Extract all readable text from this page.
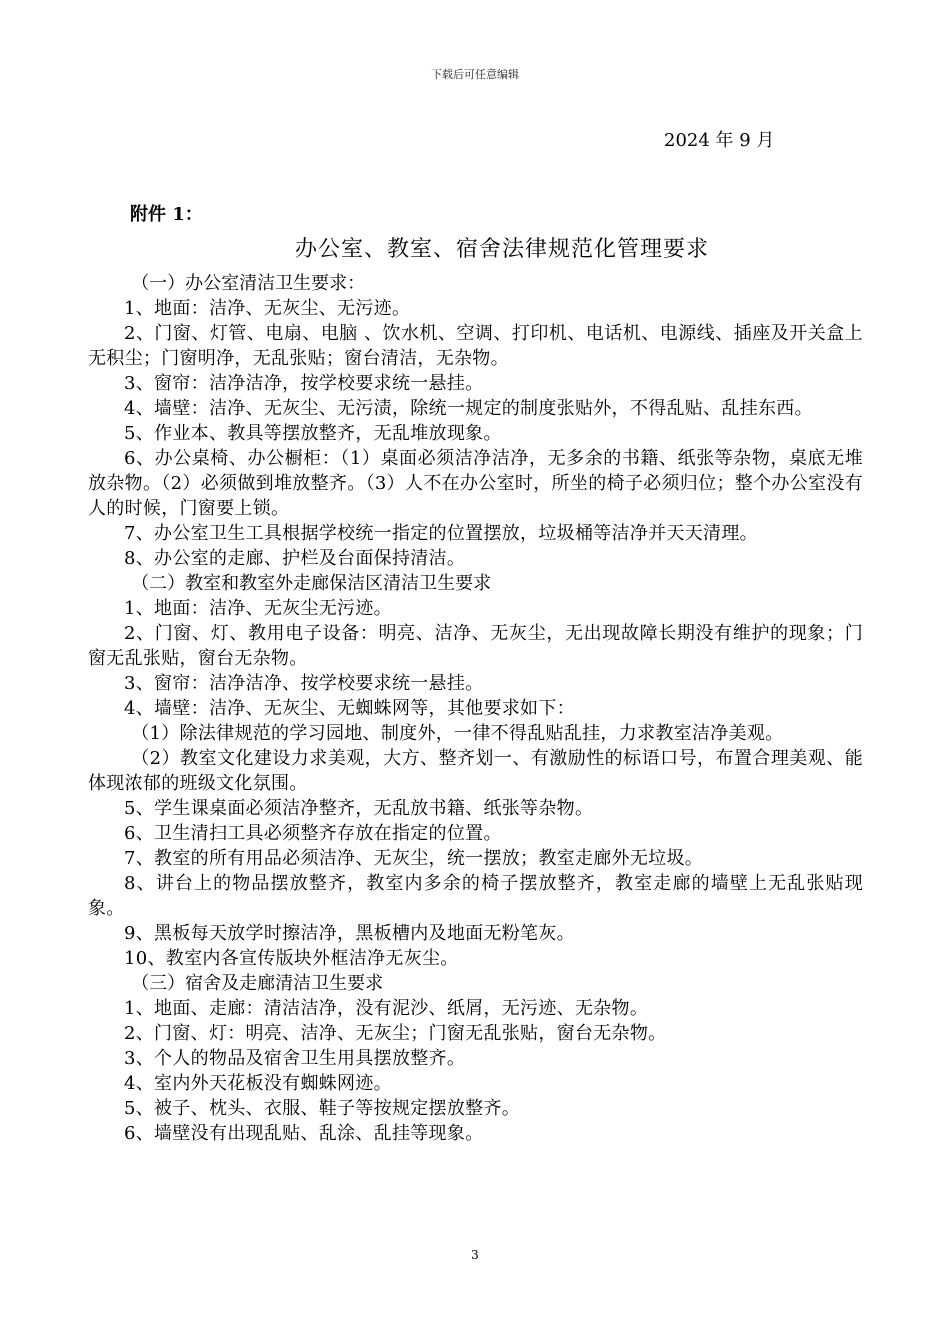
下载后可任意编辑
2024 年 9 月
附件 1：
办公室、教室、宿舍法律规范化管理要求

（一）办公室清洁卫生要求：

1、地面：洁净、无灰尘、无污迹。

2、门窗、灯管、电扇、电脑 、饮水机、空调、打印机、电话机、电源线、插座及开关盒上无积尘；门窗明净，无乱张贴；窗台清洁，无杂物。

3、窗帘：洁净洁净，按学校要求统一悬挂。

4、墙壁：洁净、无灰尘、无污渍，除统一规定的制度张贴外，不得乱贴、乱挂东西。

5、作业本、教具等摆放整齐，无乱堆放现象。

6、办公桌椅、办公橱柜：（1）桌面必须洁净洁净，无多余的书籍、纸张等杂物，桌底无堆放杂物。（2）必须做到堆放整齐。（3）人不在办公室时，所坐的椅子必须归位；整个办公室没有人的时候，门窗要上锁。

7、办公室卫生工具根据学校统一指定的位置摆放，垃圾桶等洁净并天天清理。

8、办公室的走廊、护栏及台面保持清洁。

（二）教室和教室外走廊保洁区清洁卫生要求

1、地面：洁净、无灰尘无污迹。

2、门窗、灯、教用电子设备：明亮、洁净、无灰尘，无出现故障长期没有维护的现象；门窗无乱张贴，窗台无杂物。

3、窗帘：洁净洁净、按学校要求统一悬挂。

4、墙壁：洁净、无灰尘、无蜘蛛网等，其他要求如下：

（1）除法律规范的学习园地、制度外，一律不得乱贴乱挂，力求教室洁净美观。

（2）教室文化建设力求美观，大方、整齐划一、有激励性的标语口号，布置合理美观、能体现浓郁的班级文化氛围。

5、学生课桌面必须洁净整齐，无乱放书籍、纸张等杂物。

6、卫生清扫工具必须整齐存放在指定的位置。

7、教室的所有用品必须洁净、无灰尘，统一摆放；教室走廊外无垃圾。

8、讲台上的物品摆放整齐，教室内多余的椅子摆放整齐，教室走廊的墙壁上无乱张贴现象。

9、黑板每天放学时擦洁净，黑板槽内及地面无粉笔灰。

10、教室内各宣传版块外框洁净无灰尘。

（三）宿舍及走廊清洁卫生要求

1、地面、走廊：清洁洁净，没有泥沙、纸屑，无污迹、无杂物。

2、门窗、灯：明亮、洁净、无灰尘；门窗无乱张贴，窗台无杂物。

3、个人的物品及宿舍卫生用具摆放整齐。

4、室内外天花板没有蜘蛛网迹。

5、被子、枕头、衣服、鞋子等按规定摆放整齐。

6、墙壁没有出现乱贴、乱涂、乱挂等现象。

3
